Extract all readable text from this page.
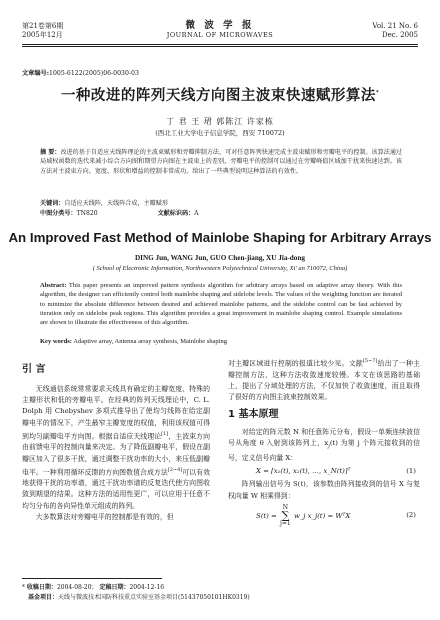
第21卷第6期
2005年12月
微 波 学 报
JOURNAL OF MICROWAVES
Vol. 21 No. 6
Dec. 2005
文章编号:1005-6122(2005)06-0030-03
一种改进的阵列天线方向图主波束快速赋形算法*
丁 君 王 珺 郭陈江 许家栋
(西北工业大学电子信息学院，西安 710072)
摘 要：改进的基于自适应天线阵理论的主波束赋形和旁瓣抑制方法，可对任意阵列快速完成主波束赋形和旁瓣电平的控制。该算法通过局域权函数的迭代来减小综合方向图和期望方向图在主波束上的差别，旁瓣电平的控制可以通过在旁瓣峰值区域加干扰来快速达到。该方法对主波束方向、宽度、形状和增益的控制非常成功。给出了一些典型说明这种算法的有效性。
关键词：自适应天线阵，天线阵合成，主瓣赋形
中图分类号：TN820	文献标识码：A
An Improved Fast Method of Mainlobe Shaping for Arbitrary Arrays
DING Jun, WANG Jun, GUO Chen-jiang, XU Jia-dong
( School of Electronic Information, Northwestern Polytechnical University, Xi' an 710072, China)
Abstract: This paper presents an improved pattern synthesis algorithm for arbitrary arrays based on adaptive array theory. With this algorithm, the designer can efficiently control both mainlobe shaping and sidelobe levels. The values of the weighting function are iterated to minimize the absolute difference between desired and achieved mainlobe patterns, and the sidelobe control can be fast achieved by iteration only on sidelobe peak regions. This algorithm provides a great improvement in mainlobe shaping control. Example simulations are shown to illustrate the effectiveness of this algorithm.
Key words: Adaptive array, Antenna array synthesis, Mainlobe shaping
引 言

无线通信系统常常要求天线具有确定的主瓣宽度、特殊的主瓣形状和低的旁瓣电平。在经典的阵列天线理论中，C. L. Dolph 用 Chebyshev 多项式推导出了使均匀线阵在给定副瓣电平的情况下，产生最窄主瓣宽度的权值，利用该权值可得到均匀副瓣电平方向图。根据自适应天线理论[1]，主波束方向由前馈电平的控制向量来决定。为了降低副瓣电平，假设在副瓣区加入了很多干扰，通过调整干扰功率的大小，来压低副瓣电平。一种利用循环反馈的方向图数值合成方法[2~4]可以有效地获得干扰的功率谱，通过干扰功率谱的反复迭代使方向图收敛到期望的结果。这种方法的适用性更广，可以应用于任意不均匀分布的各向异性单元组成的阵列。

大多数算法对旁瓣电平的控制都是有效的，但

对主瓣区域进行控制的报道比较少见。文献[5~7]给出了一种主瓣控制方法，这种方法收敛速度较慢。本文在该思路的基础上，提出了分域处理的方法，不仅加快了收敛速度，而且取得了很好的方向图主波束控制效果。

1 基本原理

对给定的阵元数 N 和任意阵元分布，假设一单频连续波信号从角度 θ 入射到该阵列上，$x_j(t)$ 为第 j 个阵元接收到的信号，定义信号向量 X：

X = [x₁(t), x₂(t), …, x_N(t)]ᵀ	(1)

阵列输出信号为 S(t)，该参数由阵列接收到的信号 X 与复权向量 W 相乘得到：

S(t) =
N
∑
j=1
w_j x_j(t) = WᵀX	(2)
* 收稿日期：2004-08-20； 定稿日期：2004-12-16
基金项目：天线与微波技术国防科技重点实验室基金项目(51437050101HK0319)
